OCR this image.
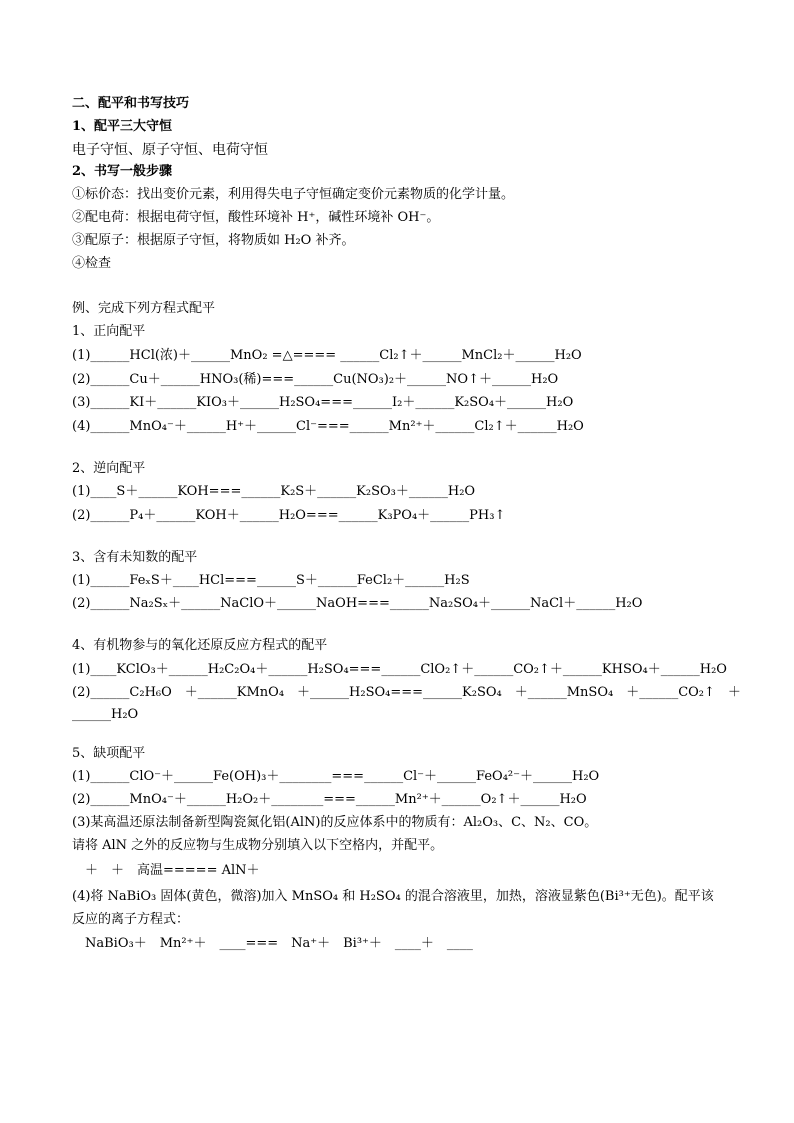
二、配平和书写技巧
1、配平三大守恒
电子守恒、原子守恒、电荷守恒
2、书写一般步骤
①标价态：找出变价元素，利用得失电子守恒确定变价元素物质的化学计量。
②配电荷：根据电荷守恒，酸性环境补 H⁺，碱性环境补 OH⁻。
③配原子：根据原子守恒，将物质如 H₂O 补齐。
④检查
例、完成下列方程式配平
1、正向配平
(1)______HCl(浓)＋______MnO₂ =△==== ______Cl₂↑＋______MnCl₂＋______H₂O
(2)______Cu＋______HNO₃(稀)===______Cu(NO₃)₂＋______NO↑＋______H₂O
(3)______KI＋______KIO₃＋______H₂SO₄===______I₂＋______K₂SO₄＋______H₂O
(4)______MnO₄⁻＋______H⁺＋______Cl⁻===______Mn²⁺＋______Cl₂↑＋______H₂O
2、逆向配平
(1)____S＋______KOH===______K₂S＋______K₂SO₃＋______H₂O
(2)______P₄＋______KOH＋______H₂O===______K₃PO₄＋______PH₃↑
3、含有未知数的配平
(1)______FeₓS＋____HCl===______S＋______FeCl₂＋______H₂S
(2)______Na₂Sₓ＋______NaClO＋______NaOH===______Na₂SO₄＋______NaCl＋______H₂O
4、有机物参与的氧化还原反应方程式的配平
(1)____KClO₃＋______H₂C₂O₄＋______H₂SO₄===______ClO₂↑＋______CO₂↑＋______KHSO₄＋______H₂O
(2)______C₂H₆O　＋______KMnO₄　＋______H₂SO₄===______K₂SO₄　＋______MnSO₄　＋______CO₂↑　＋
______H₂O
5、缺项配平
(1)______ClO⁻＋______Fe(OH)₃＋________===______Cl⁻＋______FeO₄²⁻＋______H₂O
(2)______MnO₄⁻＋______H₂O₂＋________===______Mn²⁺＋______O₂↑＋______H₂O
(3)某高温还原法制备新型陶瓷氮化铝(AlN)的反应体系中的物质有：Al₂O₃、C、N₂、CO。
请将 AlN 之外的反应物与生成物分别填入以下空格内，并配平。
　＋　＋　高温===== AlN＋
(4)将 NaBiO₃ 固体(黄色，微溶)加入 MnSO₄ 和 H₂SO₄ 的混合溶液里，加热，溶液显紫色(Bi³⁺无色)。配平该
反应的离子方程式：
　NaBiO₃＋　Mn²⁺＋　____===　Na⁺＋　Bi³⁺＋　____＋　____
